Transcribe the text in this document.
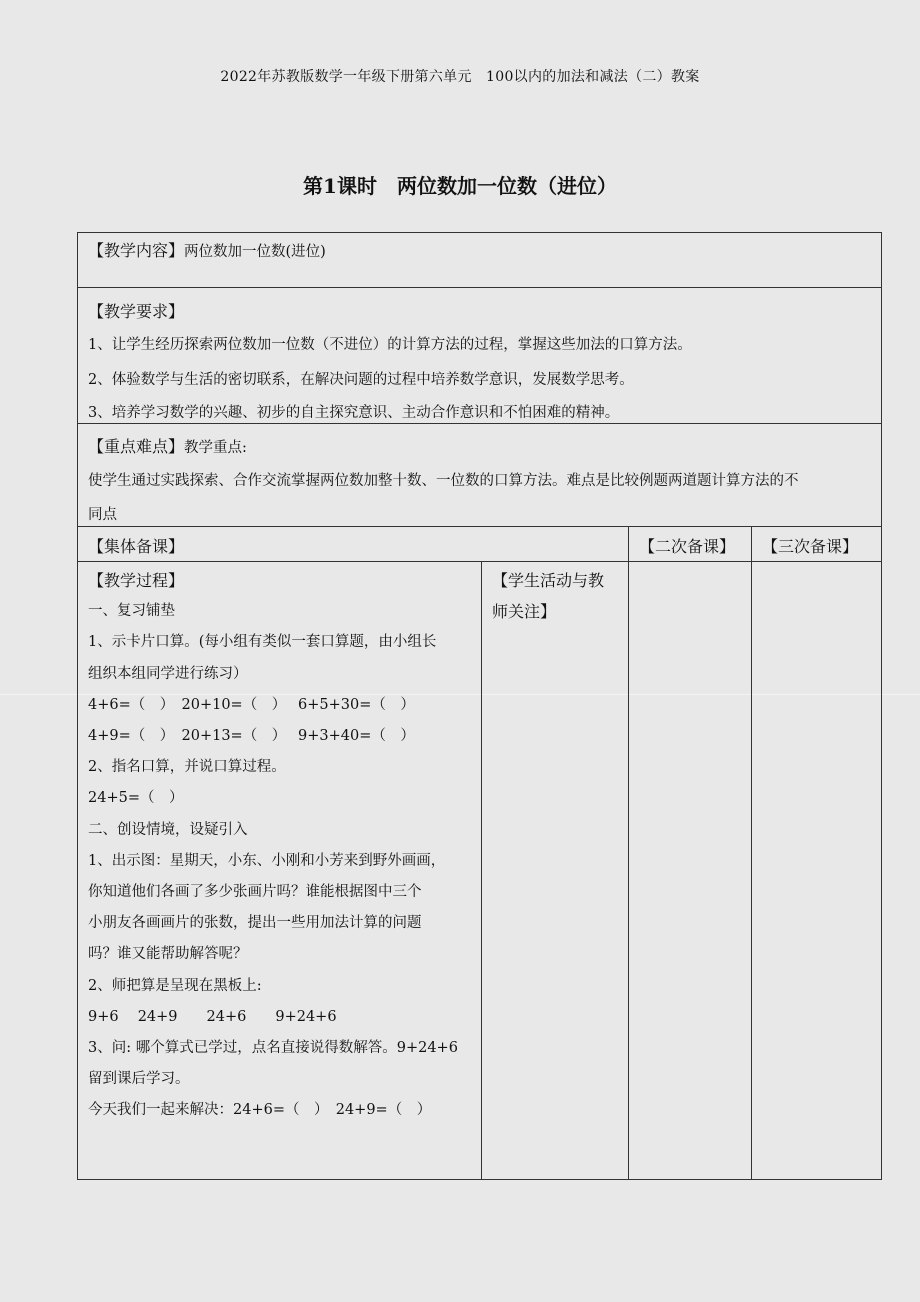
2022年苏教版数学一年级下册第六单元　100以内的加法和减法（二）教案
第1课时 两位数加一位数（进位）
【教学内容】两位数加一位数(进位)
【教学要求】
1、让学生经历探索两位数加一位数（不进位）的计算方法的过程，掌握这些加法的口算方法。
2、体验数学与生活的密切联系，在解决问题的过程中培养数学意识，发展数学思考。
3、培养学习数学的兴趣、初步的自主探究意识、主动合作意识和不怕困难的精神。
【重点难点】教学重点:
使学生通过实践探索、合作交流掌握两位数加整十数、一位数的口算方法。难点是比较例题两道题计算方法的不
同点
【集体备课】	【二次备课】 【三次备课】
【教学过程】
一、复习铺垫
1、示卡片口算。(每小组有类似一套口算题，由小组长
组织本组同学进行练习）
4+6=（　）　20+10=（　）　 6+5+30=（　）
4+9=（　）　20+13=（　）　 9+3+40=（　）
2、指名口算，并说口算过程。
24+5=（　）
二、创设情境，设疑引入
1、出示图：星期天，小东、小刚和小芳来到野外画画，
你知道他们各画了多少张画片吗？谁能根据图中三个
小朋友各画画片的张数，提出一些用加法计算的问题
吗？谁又能帮助解答呢？
2、师把算是呈现在黑板上:
9+6　 24+9　　24+6　　9+24+6
3、问: 哪个算式已学过，点名直接说得数解答。9+24+6
留到课后学习。
今天我们一起来解决：24+6=（　）　24+9=（　）
【学生活动与教
师关注】
